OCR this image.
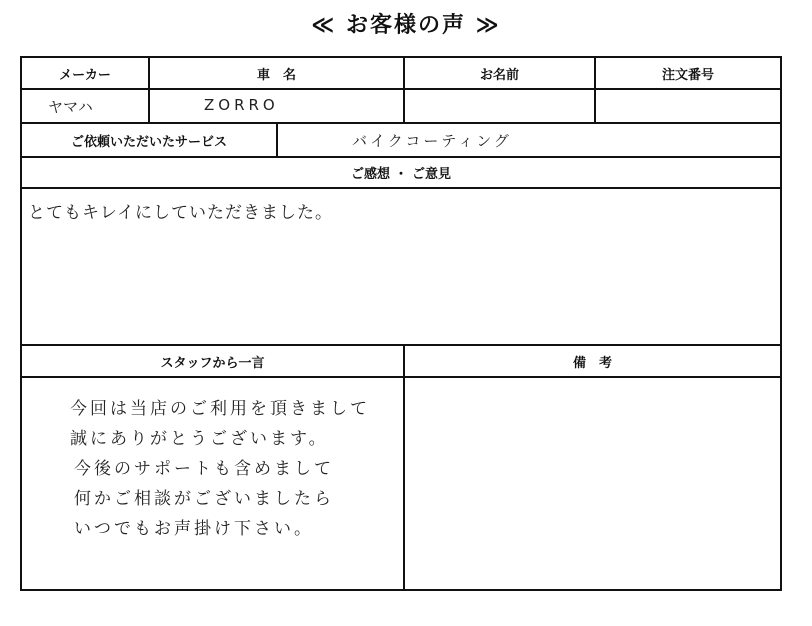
≪ お客様の声 ≫
メーカー	車　名	お名前	注文番号
ヤマハ	ZORRO
ご依頼いただいたサービス	バイクコーティング
ご感想 ・ ご意見
とてもキレイにしていただきました。
スタッフから一言	備　考
今回は当店のご利用を頂きまして
誠にありがとうございます。
今後のサポートも含めまして
何かご相談がございましたら
いつでもお声掛け下さい。
